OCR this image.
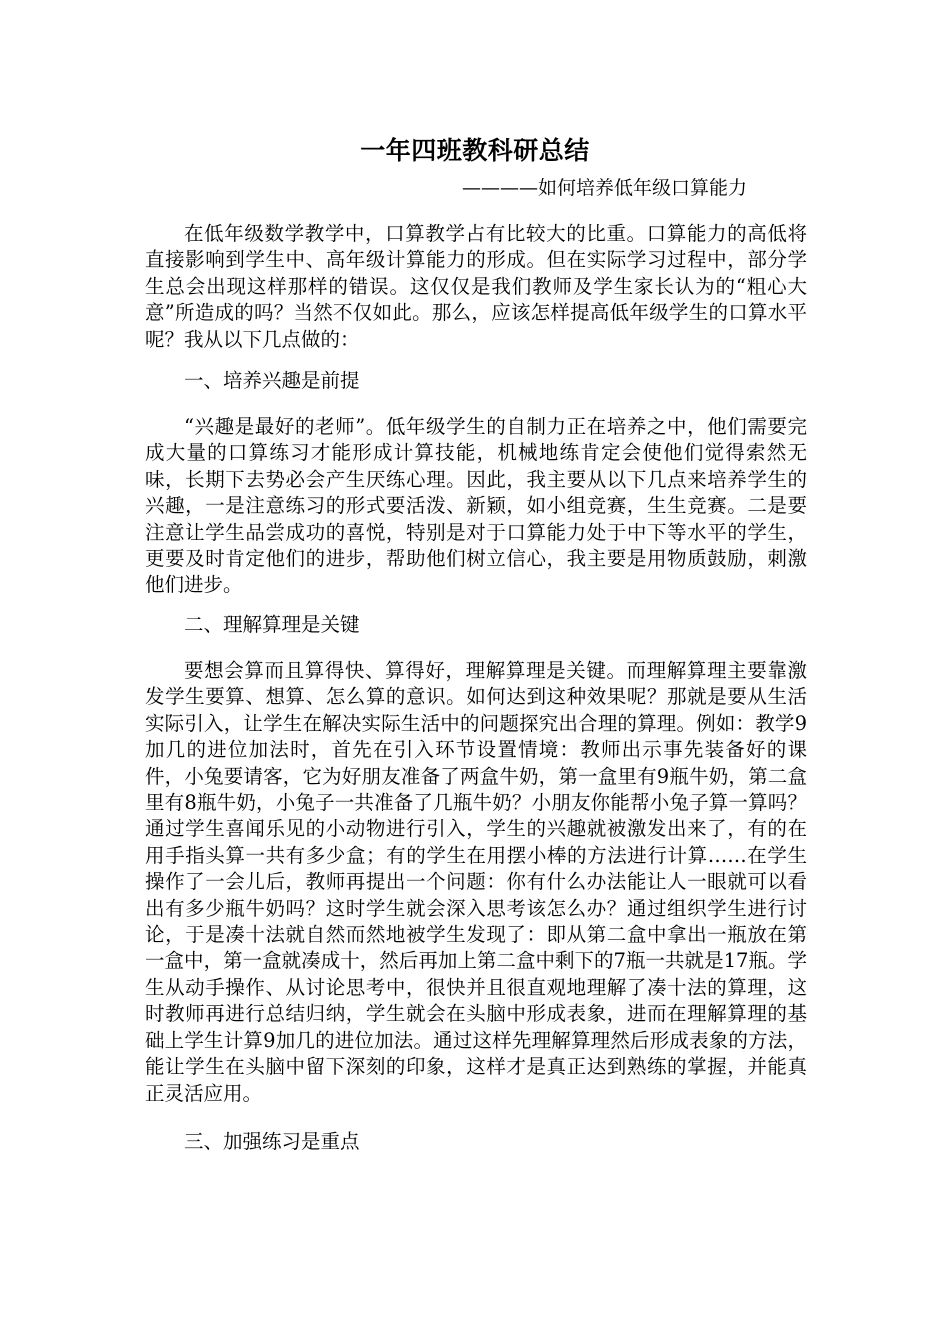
一年四班教科研总结
————如何培养低年级口算能力

在低年级数学教学中，口算教学占有比较大的比重。口算能力的高低将直接影响到学生中、高年级计算能力的形成。但在实际学习过程中，部分学生总会出现这样那样的错误。这仅仅是我们教师及学生家长认为的“粗心大意”所造成的吗？当然不仅如此。那么，应该怎样提高低年级学生的口算水平呢？我从以下几点做的：

一、培养兴趣是前提

“兴趣是最好的老师”。低年级学生的自制力正在培养之中，他们需要完成大量的口算练习才能形成计算技能，机械地练肯定会使他们觉得索然无味，长期下去势必会产生厌练心理。因此，我主要从以下几点来培养学生的兴趣，一是注意练习的形式要活泼、新颖，如小组竞赛，生生竞赛。二是要注意让学生品尝成功的喜悦，特别是对于口算能力处于中下等水平的学生，更要及时肯定他们的进步，帮助他们树立信心，我主要是用物质鼓励，刺激他们进步。

二、理解算理是关键

要想会算而且算得快、算得好，理解算理是关键。而理解算理主要靠激发学生要算、想算、怎么算的意识。如何达到这种效果呢？那就是要从生活实际引入，让学生在解决实际生活中的问题探究出合理的算理。例如：教学9加几的进位加法时，首先在引入环节设置情境：教师出示事先装备好的课件，小兔要请客，它为好朋友准备了两盒牛奶，第一盒里有9瓶牛奶，第二盒里有8瓶牛奶，小兔子一共准备了几瓶牛奶？小朋友你能帮小兔子算一算吗？通过学生喜闻乐见的小动物进行引入，学生的兴趣就被激发出来了，有的在用手指头算一共有多少盒；有的学生在用摆小棒的方法进行计算……在学生操作了一会儿后，教师再提出一个问题：你有什么办法能让人一眼就可以看出有多少瓶牛奶吗？这时学生就会深入思考该怎么办？通过组织学生进行讨论，于是凑十法就自然而然地被学生发现了：即从第二盒中拿出一瓶放在第一盒中，第一盒就凑成十，然后再加上第二盒中剩下的7瓶一共就是17瓶。学生从动手操作、从讨论思考中，很快并且很直观地理解了凑十法的算理，这时教师再进行总结归纳，学生就会在头脑中形成表象，进而在理解算理的基础上学生计算9加几的进位加法。通过这样先理解算理然后形成表象的方法，能让学生在头脑中留下深刻的印象，这样才是真正达到熟练的掌握，并能真正灵活应用。

三、加强练习是重点
